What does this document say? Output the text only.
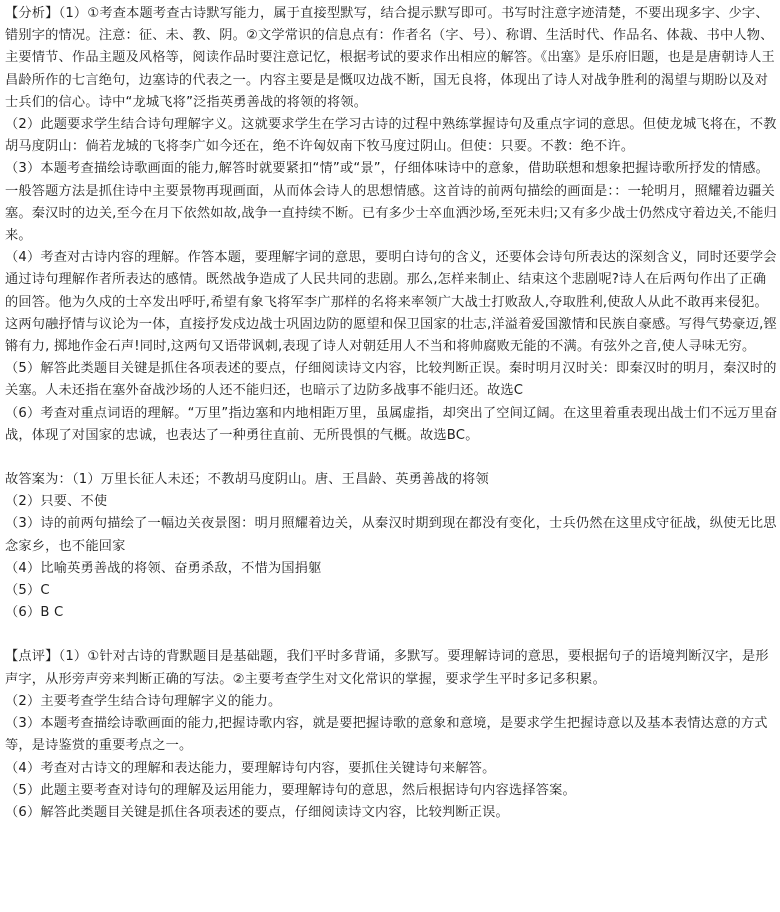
【分析】（1）①考查本题考查古诗默写能力，属于直接型默写，结合提示默写即可。书写时注意字迹清楚，不要出现多字、少字、错别字的情况。注意：征、未、教、阴。②文学常识的信息点有：作者名（字、号）、称谓、生活时代、作品名、体裁、书中人物、主要情节、作品主题及风格等，阅读作品时要注意记忆，根据考试的要求作出相应的解答。《出塞》是乐府旧题，也是是唐朝诗人王昌龄所作的七言绝句，边塞诗的代表之一。内容主要是是慨叹边战不断，国无良将，体现出了诗人对战争胜利的渴望与期盼以及对士兵们的信心。诗中“龙城飞将”泛指英勇善战的将领的将领。

（2）此题要求学生结合诗句理解字义。这就要求学生在学习古诗的过程中熟练掌握诗句及重点字词的意思。但使龙城飞将在，不教胡马度阴山：倘若龙城的飞将李广如今还在，绝不许匈奴南下牧马度过阴山。但使：只要。不教：绝不许。

（3）本题考查描绘诗歌画面的能力,解答时就要紧扣“情”或“景”，仔细体味诗中的意象，借助联想和想象把握诗歌所抒发的情感。一般答题方法是抓住诗中主要景物再现画面，从而体会诗人的思想情感。这首诗的前两句描绘的画面是：：一轮明月，照耀着边疆关塞。秦汉时的边关,至今在月下依然如故,战争一直持续不断。已有多少士卒血洒沙场,至死未归;又有多少战士仍然戍守着边关,不能归来。

（4）考查对古诗内容的理解。作答本题，要理解字词的意思，要明白诗句的含义，还要体会诗句所表达的深刻含义，同时还要学会通过诗句理解作者所表达的感情。既然战争造成了人民共同的悲剧。那么,怎样来制止、结束这个悲剧呢?诗人在后两句作出了正确的回答。他为久戍的士卒发出呼吁,希望有象飞将军李广那样的名将来率领广大战士打败敌人,夺取胜利,使敌人从此不敢再来侵犯。这两句融抒情与议论为一体，直接抒发戍边战士巩固边防的愿望和保卫国家的壮志,洋溢着爱国激情和民族自豪感。写得气势豪迈,铿锵有力, 掷地作金石声!同时,这两句又语带讽刺,表现了诗人对朝廷用人不当和将帅腐败无能的不满。有弦外之音,使人寻味无穷。

（5）解答此类题目关键是抓住各项表述的要点，仔细阅读诗文内容，比较判断正误。秦时明月汉时关：即秦汉时的明月，秦汉时的关塞。人未还指在塞外奋战沙场的人还不能归还，也暗示了边防多战事不能归还。故选C

（6）考查对重点词语的理解。“万里”指边塞和内地相距万里，虽属虚指，却突出了空间辽阔。在这里着重表现出战士们不远万里奋战，体现了对国家的忠诚，也表达了一种勇往直前、无所畏惧的气概。故选BC。

故答案为：（1）万里长征人未还；不教胡马度阴山。唐、王昌龄、英勇善战的将领

（2）只要、不使

（3）诗的前两句描绘了一幅边关夜景图：明月照耀着边关，从秦汉时期到现在都没有变化，士兵仍然在这里戍守征战，纵使无比思念家乡，也不能回家

（4）比喻英勇善战的将领、奋勇杀敌，不惜为国捐躯

（5）C

（6）B C

【点评】（1）①针对古诗的背默题目是基础题，我们平时多背诵，多默写。要理解诗词的意思，要根据句子的语境判断汉字，是形声字，从形旁声旁来判断正确的写法。②主要考查学生对文化常识的掌握，要求学生平时多记多积累。

（2）主要考查学生结合诗句理解字义的能力。

（3）本题考查描绘诗歌画面的能力,把握诗歌内容，就是要把握诗歌的意象和意境，是要求学生把握诗意以及基本表情达意的方式等，是诗鉴赏的重要考点之一。

（4）考查对古诗文的理解和表达能力，要理解诗句内容，要抓住关键诗句来解答。

（5）此题主要考查对诗句的理解及运用能力，要理解诗句的意思，然后根据诗句内容选择答案。

（6）解答此类题目关键是抓住各项表述的要点，仔细阅读诗文内容，比较判断正误。
